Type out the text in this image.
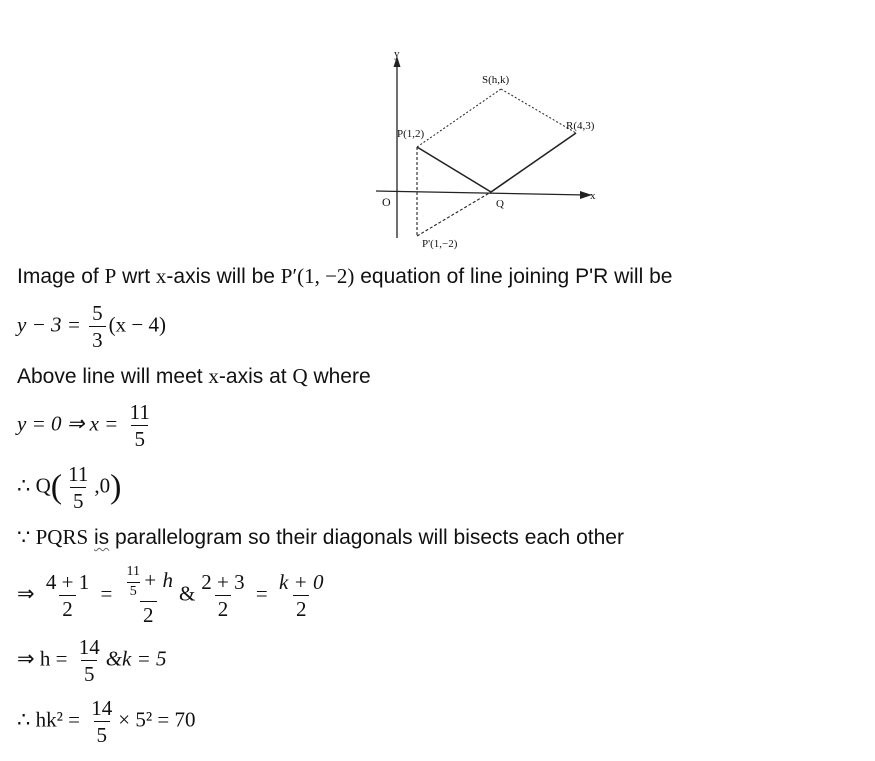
y
x
O
P(1,2)
S(h,k)
R(4,3)
Q
P'(1,−2)
Image of P wrt x-axis will be P′(1, −2) equation of line joining P'R will be
$y - 3 = \frac{5}{3} (x - 4)$
Above line will meet x-axis at Q where
y = 0 ⇒ $x = \frac{11}{5}$
∴ $Q( \frac{11}{5} ,0)$
∵ PQRS is parallelogram so their diagonals will bisects each other
⇒ $\frac{4 + 1}{2} = \frac{\frac{11}{5} + h}{2}$ & $\frac{2 + 3}{2} = \frac{k + 0}{2}$
⇒ $h = \frac{14}{5}$ &k = 5
∴ $hk^2 = \frac{14}{5} \times 5^2 = 70$
